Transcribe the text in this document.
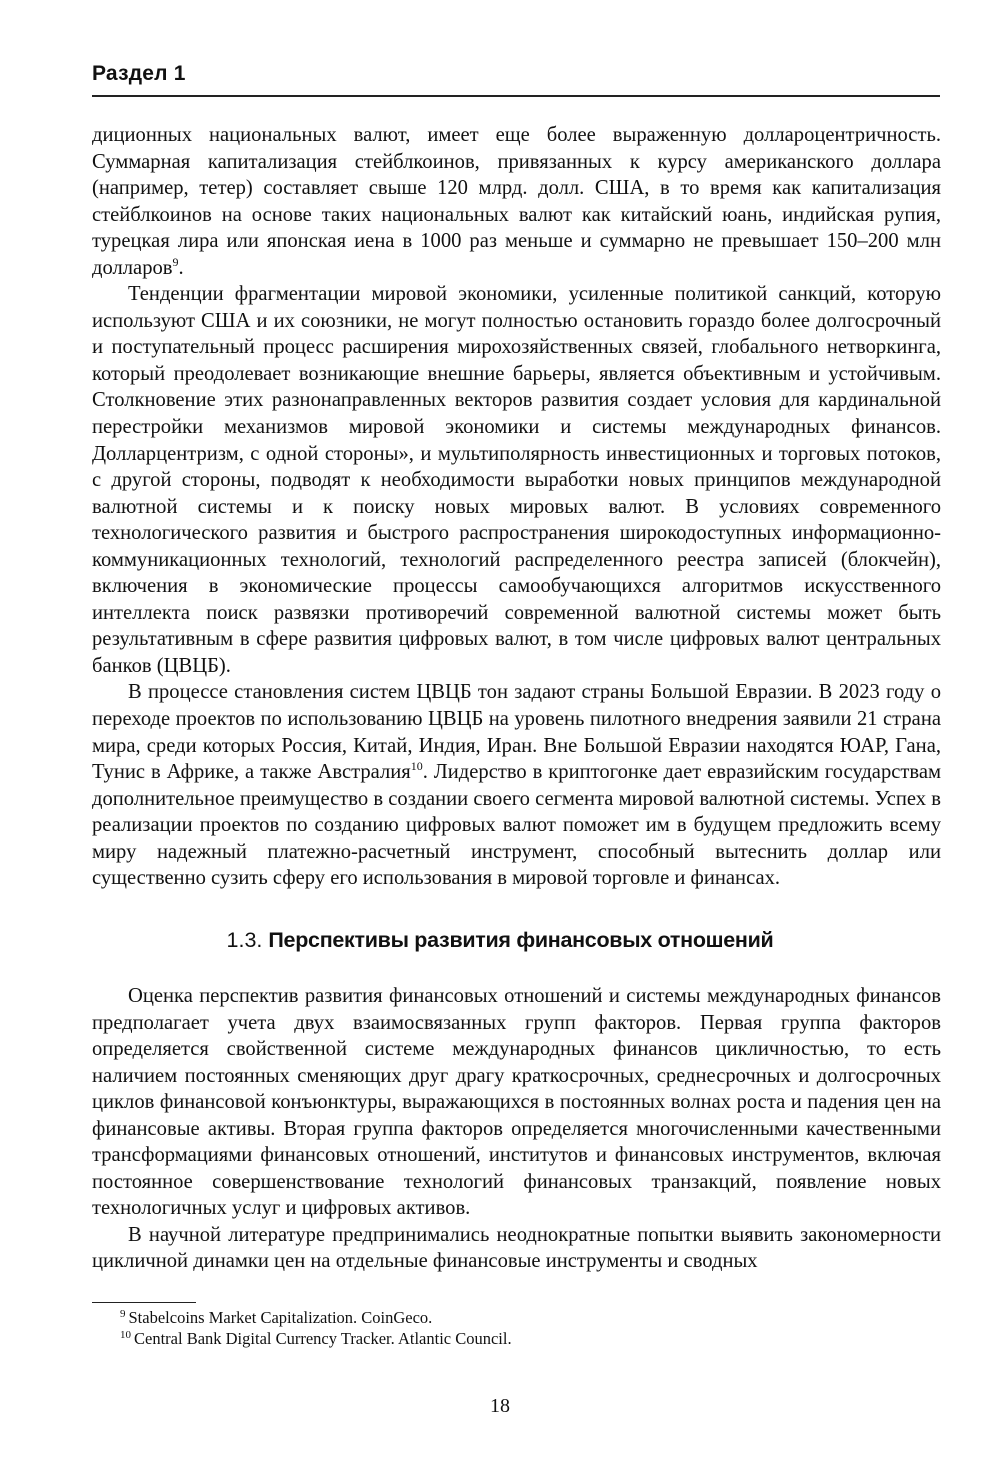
Раздел 1

диционных национальных валют, имеет еще более выраженную доллароцентричность. Суммарная капитализация стейблкоинов, привязанных к курсу американского доллара (например, тетер) составляет свыше 120 млрд. долл. США, в то время как капитализация стейблкоинов на основе таких национальных валют как китайский юань, индийская рупия, турецкая лира или японская иена в 1000 раз меньше и суммарно не превышает 150–200 млн долларов$^9$.

Тенденции фрагментации мировой экономики, усиленные политикой санкций, которую используют США и их союзники, не могут полностью остановить гораздо более долгосрочный и поступательный процесс расширения мирохозяйственных связей, глобального нетворкинга, который преодолевает возникающие внешние барьеры, является объективным и устойчивым. Столкновение этих разнонаправленных векторов развития создает условия для кардинальной перестройки механизмов мировой экономики и системы международных финансов. Долларцентризм, с одной стороны», и мультиполярность инвестиционных и торговых потоков, с другой стороны, подводят к необходимости выработки новых принципов международной валютной системы и к поиску новых мировых валют. В условиях современного технологического развития и быстрого распространения широкодоступных информационно-коммуникационных технологий, технологий распределенного реестра записей (блокчейн), включения в экономические процессы самообучающихся алгоритмов искусственного интеллекта поиск развязки противоречий современной валютной системы может быть результативным в сфере развития цифровых валют, в том числе цифровых валют центральных банков (ЦВЦБ).

В процессе становления систем ЦВЦБ тон задают страны Большой Евразии. В 2023 году о переходе проектов по использованию ЦВЦБ на уровень пилотного внедрения заявили 21 страна мира, среди которых Россия, Китай, Индия, Иран. Вне Большой Евразии находятся ЮАР, Гана, Тунис в Африке, а также Австралия$^{10}$. Лидерство в криптогонке дает евразийским государствам дополнительное преимущество в создании своего сегмента мировой валютной системы. Успех в реализации проектов по созданию цифровых валют поможет им в будущем предложить всему миру надежный платежно-расчетный инструмент, способный вытеснить доллар или существенно сузить сферу его использования в мировой торговле и финансах.

1.3. Перспективы развития финансовых отношений

Оценка перспектив развития финансовых отношений и системы международных финансов предполагает учета двух взаимосвязанных групп факторов. Первая группа факторов определяется свойственной системе международных финансов цикличностью, то есть наличием постоянных сменяющих друг драгу краткосрочных, среднесрочных и долгосрочных циклов финансовой конъюнктуры, выражающихся в постоянных волнах роста и падения цен на финансовые активы. Вторая группа факторов определяется многочисленными качественными трансформациями финансовых отношений, институтов и финансовых инструментов, включая постоянное совершенствование технологий финансовых транзакций, появление новых технологичных услуг и цифровых активов.

В научной литературе предпринимались неоднократные попытки выявить закономерности цикличной динамки цен на отдельные финансовые инструменты и сводных

$^9$ Stabelcoins Market Capitalization. CoinGeco.

$^{10}$ Central Bank Digital Currency Tracker. Atlantic Council.

18
